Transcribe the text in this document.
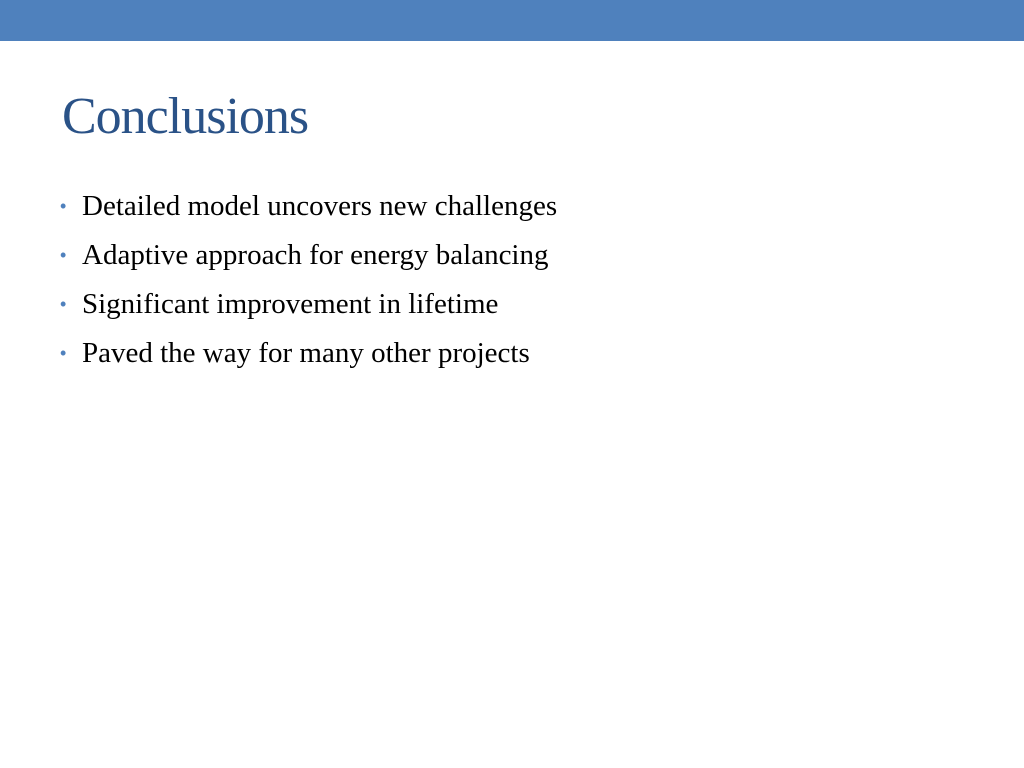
Conclusions
• Detailed model uncovers new challenges
• Adaptive approach for energy balancing
• Significant improvement in lifetime
• Paved the way for many other projects
